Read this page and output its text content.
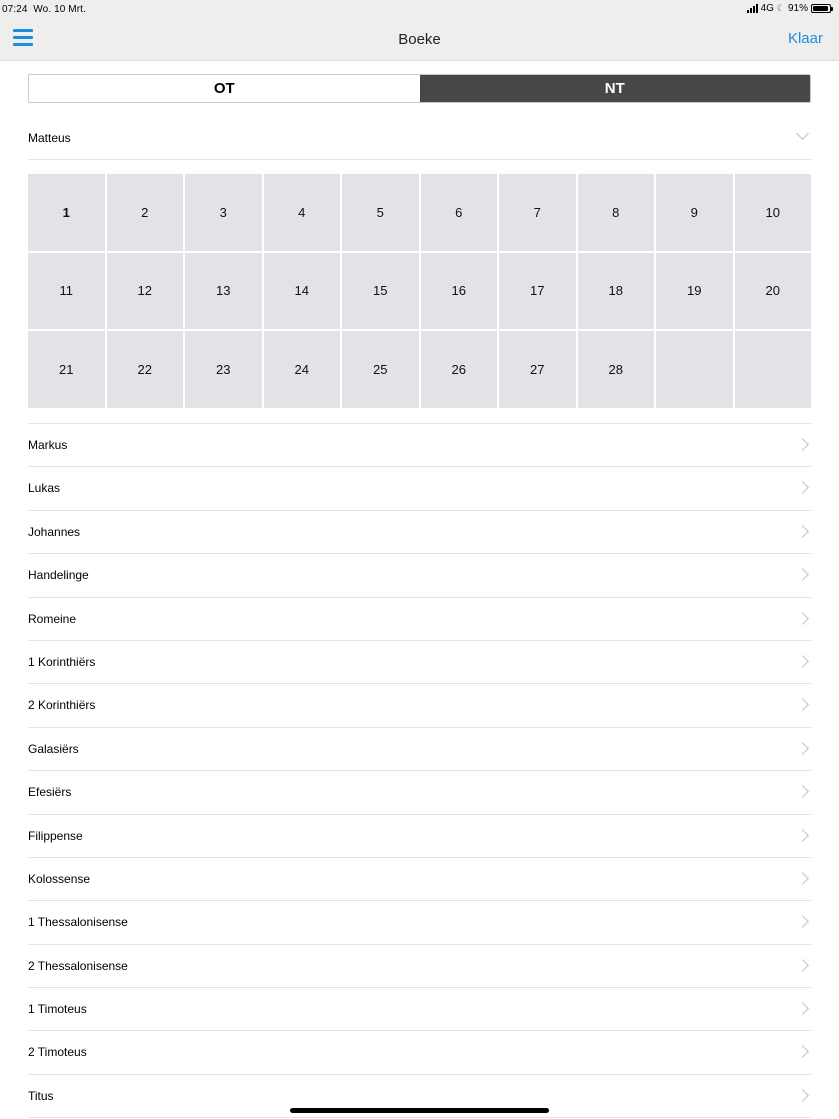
07:24 Wo. 10 Mrt.	4G ☾ 91%
Boeke	Klaar
OT	NT
Matteus
1	2	3	4	5	6	7	8	9	10
11	12	13	14	15	16	17	18	19	20
21	22	23	24	25	26	27	28
Markus
Lukas
Johannes
Handelinge
Romeine
1 Korinthiërs
2 Korinthiërs
Galasiërs
Efesiërs
Filippense
Kolossense
1 Thessalonisense
2 Thessalonisense
1 Timoteus
2 Timoteus
Titus
